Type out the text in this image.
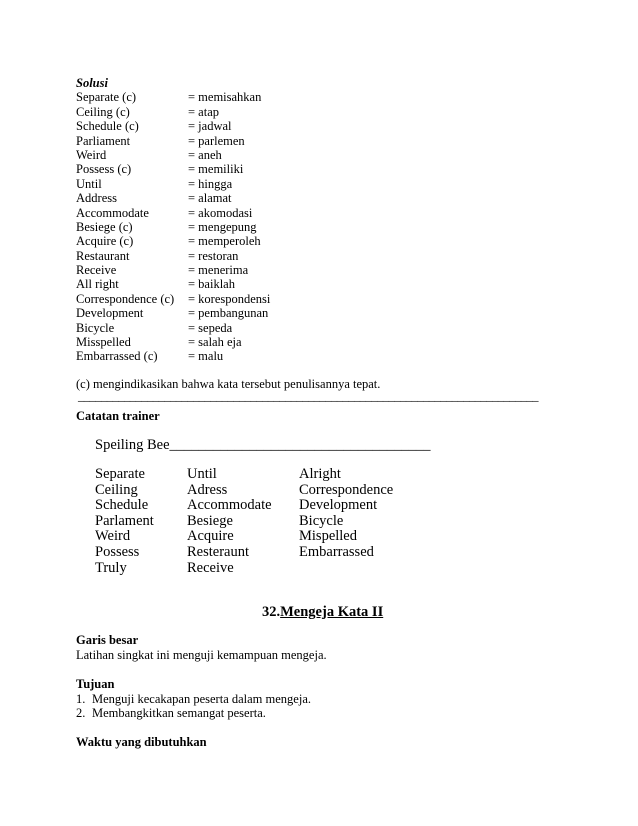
Solusi
Separate (c)	= memisahkan
Ceiling (c)	= atap
Schedule (c)	= jadwal
Parliament	= parlemen
Weird	= aneh
Possess (c)	= memiliki
Until	= hingga
Address	= alamat
Accommodate	= akomodasi
Besiege (c)	= mengepung
Acquire (c)	= memperoleh
Restaurant	= restoran
Receive	= menerima
All right	= baiklah
Correspondence (c)	= korespondensi
Development	= pembangunan
Bicycle	= sepeda
Misspelled	= salah eja
Embarrassed (c)	= malu
(c) mengindikasikan bahwa kata tersebut penulisannya tepat.
________________________________________________________________________________
Catatan trainer
Speiling Bee____________________________________
Separate	Until	Alright
Ceiling	Adress	Correspondence
Schedule	Accommodate	Development
Parlament	Besiege	Bicycle
Weird	Acquire	Mispelled
Possess	Resteraunt	Embarrassed
Truly	Receive
32.Mengeja Kata II
Garis besar
Latihan singkat ini menguji kemampuan mengeja.
Tujuan
1. Menguji kecakapan peserta dalam mengeja.
2. Membangkitkan semangat peserta.
Waktu yang dibutuhkan
